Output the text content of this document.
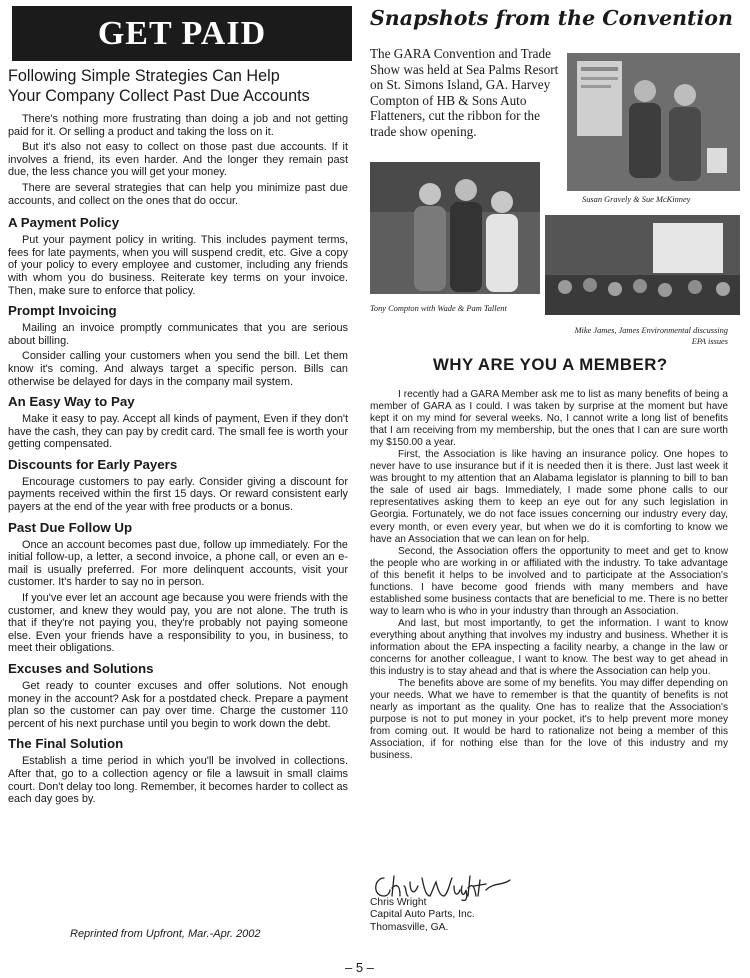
GET PAID
Following Simple Strategies Can Help
Your Company Collect Past Due Accounts

There's nothing more frustrating than doing a job and not getting paid for it. Or selling a product and taking the loss on it.

But it's also not easy to collect on those past due accounts. If it involves a friend, its even harder. And the longer they remain past due, the less chance you will get your money.

There are several strategies that can help you minimize past due accounts, and collect on the ones that do occur.

A Payment Policy

Put your payment policy in writing. This includes payment terms, fees for late payments, when you will suspend credit, etc. Give a copy of your policy to every employee and customer, including any friends with whom you do business. Reiterate key terms on your invoice. Then, make sure to enforce that policy.

Prompt Invoicing

Mailing an invoice promptly communicates that you are serious about billing.

Consider calling your customers when you send the bill. Let them know it's coming. And always target a specific person. Bills can otherwise be delayed for days in the company mail system.

An Easy Way to Pay

Make it easy to pay. Accept all kinds of payment, Even if they don't have the cash, they can pay by credit card. The small fee is worth your getting compensated.

Discounts for Early Payers

Encourage customers to pay early. Consider giving a discount for payments received within the first 15 days. Or reward consistent early payers at the end of the year with free products or a bonus.

Past Due Follow Up

Once an account becomes past due, follow up immediately. For the initial follow-up, a letter, a second invoice, a phone call, or even an e-mail is usually preferred. For more delinquent accounts, visit your customer. It's harder to say no in person.

If you've ever let an account age because you were friends with the customer, and knew they would pay, you are not alone. The truth is that if they're not paying you, they're probably not paying someone else. Even your friends have a responsibility to you, in business, to meet their obligations.

Excuses and Solutions

Get ready to counter excuses and offer solutions. Not enough money in the account? Ask for a postdated check. Prepare a payment plan so the customer can pay over time. Charge the customer 110 percent of his next purchase until you begin to work down the debt.

The Final Solution

Establish a time period in which you'll be involved in collections. After that, go to a collection agency or file a lawsuit in small claims court. Don't delay too long. Remember, it becomes harder to collect as each day goes by.

Reprinted from Upfront, Mar.-Apr. 2002
Snapshots from the Convention
The GARA Convention and Trade Show was held at Sea Palms Resort on St. Simons Island, GA. Harvey Compton of HB & Sons Auto Flatteners, cut the ribbon for the trade show opening.
Susan Gravely & Sue McKinney
Tony Compton with Wade & Pam Tallent
Mike James, James Environmental discussing EPA issues
WHY ARE YOU A MEMBER?

I recently had a GARA Member ask me to list as many benefits of being a member of GARA as I could. I was taken by surprise at the moment but have kept it on my mind for several weeks. No, I cannot write a long list of benefits that I am receiving from my membership, but the ones that I can are sure worth my $150.00 a year.

First, the Association is like having an insurance policy. One hopes to never have to use insurance but if it is needed then it is there. Just last week it was brought to my attention that an Alabama legislator is planning to bill to ban the sale of used air bags. Immediately, I made some phone calls to our representatives asking them to keep an eye out for any such legislation in Georgia. Fortunately, we do not face issues concerning our industry every day, every month, or even every year, but when we do it is comforting to know we have an Association that we can lean on for help.

Second, the Association offers the opportunity to meet and get to know the people who are working in or affiliated with the industry. To take advantage of this benefit it helps to be involved and to participate at the Association's functions. I have become good friends with many members and have established some business contacts that are beneficial to me. There is no better way to learn who is who in your industry than through an Association.

And last, but most importantly, to get the information. I want to know everything about anything that involves my industry and business. Whether it is information about the EPA inspecting a facility nearby, a change in the law or concerns for another colleague, I want to know. The best way to get ahead in this industry is to stay ahead and that is where the Association can help you.

The benefits above are some of my benefits. You may differ depending on your needs. What we have to remember is that the quantity of benefits is not nearly as important as the quality. One has to realize that the Association's purpose is not to put money in your pocket, it's to help prevent more money from coming out. It would be hard to rationalize not being a member of this Association, if for nothing else than for the love of this industry and my business.

Chris Wright
Capital Auto Parts, Inc.
Thomasville, GA.
– 5 –
